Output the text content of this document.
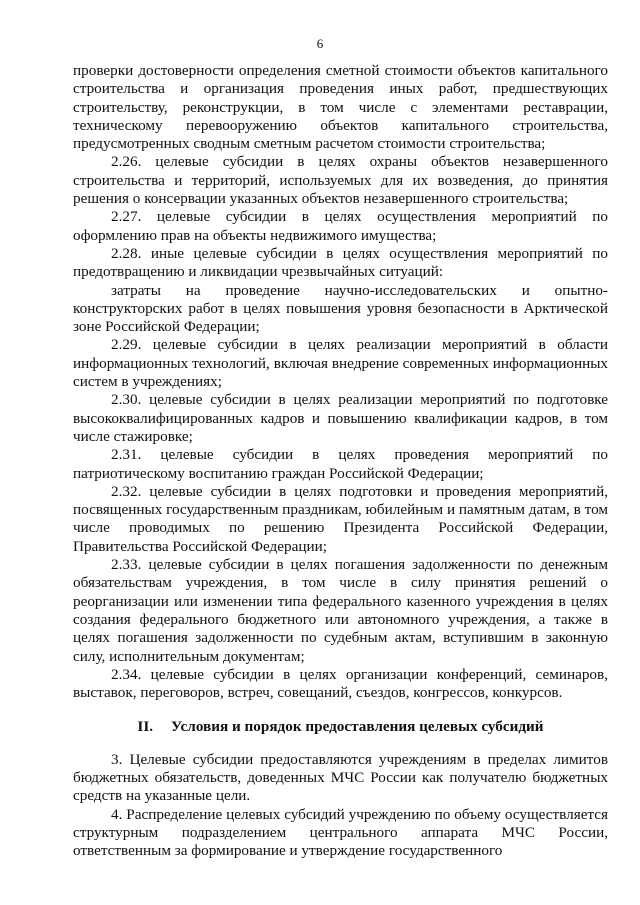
6

проверки достоверности определения сметной стоимости объектов капитального строительства и организация проведения иных работ, предшествующих строительству, реконструкции, в том числе с элементами реставрации, техническому перевооружению объектов капитального строительства, предусмотренных сводным сметным расчетом стоимости строительства;

2.26. целевые субсидии в целях охраны объектов незавершенного строительства и территорий, используемых для их возведения, до принятия решения о консервации указанных объектов незавершенного строительства;

2.27. целевые субсидии в целях осуществления мероприятий по оформлению прав на объекты недвижимого имущества;

2.28. иные целевые субсидии в целях осуществления мероприятий по предотвращению и ликвидации чрезвычайных ситуаций:

затраты на проведение научно-исследовательских и опытно-конструкторских работ в целях повышения уровня безопасности в Арктической зоне Российской Федерации;

2.29. целевые субсидии в целях реализации мероприятий в области информационных технологий, включая внедрение современных информационных систем в учреждениях;

2.30. целевые субсидии в целях реализации мероприятий по подготовке высококвалифицированных кадров и повышению квалификации кадров, в том числе стажировке;

2.31. целевые субсидии в целях проведения мероприятий по патриотическому воспитанию граждан Российской Федерации;

2.32. целевые субсидии в целях подготовки и проведения мероприятий, посвященных государственным праздникам, юбилейным и памятным датам, в том числе проводимых по решению Президента Российской Федерации, Правительства Российской Федерации;

2.33. целевые субсидии в целях погашения задолженности по денежным обязательствам учреждения, в том числе в силу принятия решений о реорганизации или изменении типа федерального казенного учреждения в целях создания федерального бюджетного или автономного учреждения, а также в целях погашения задолженности по судебным актам, вступившим в законную силу, исполнительным документам;

2.34. целевые субсидии в целях организации конференций, семинаров, выставок, переговоров, встреч, совещаний, съездов, конгрессов, конкурсов.

II. Условия и порядок предоставления целевых субсидий

3. Целевые субсидии предоставляются учреждениям в пределах лимитов бюджетных обязательств, доведенных МЧС России как получателю бюджетных средств на указанные цели.

4. Распределение целевых субсидий учреждению по объему осуществляется структурным подразделением центрального аппарата МЧС России, ответственным за формирование и утверждение государственного
